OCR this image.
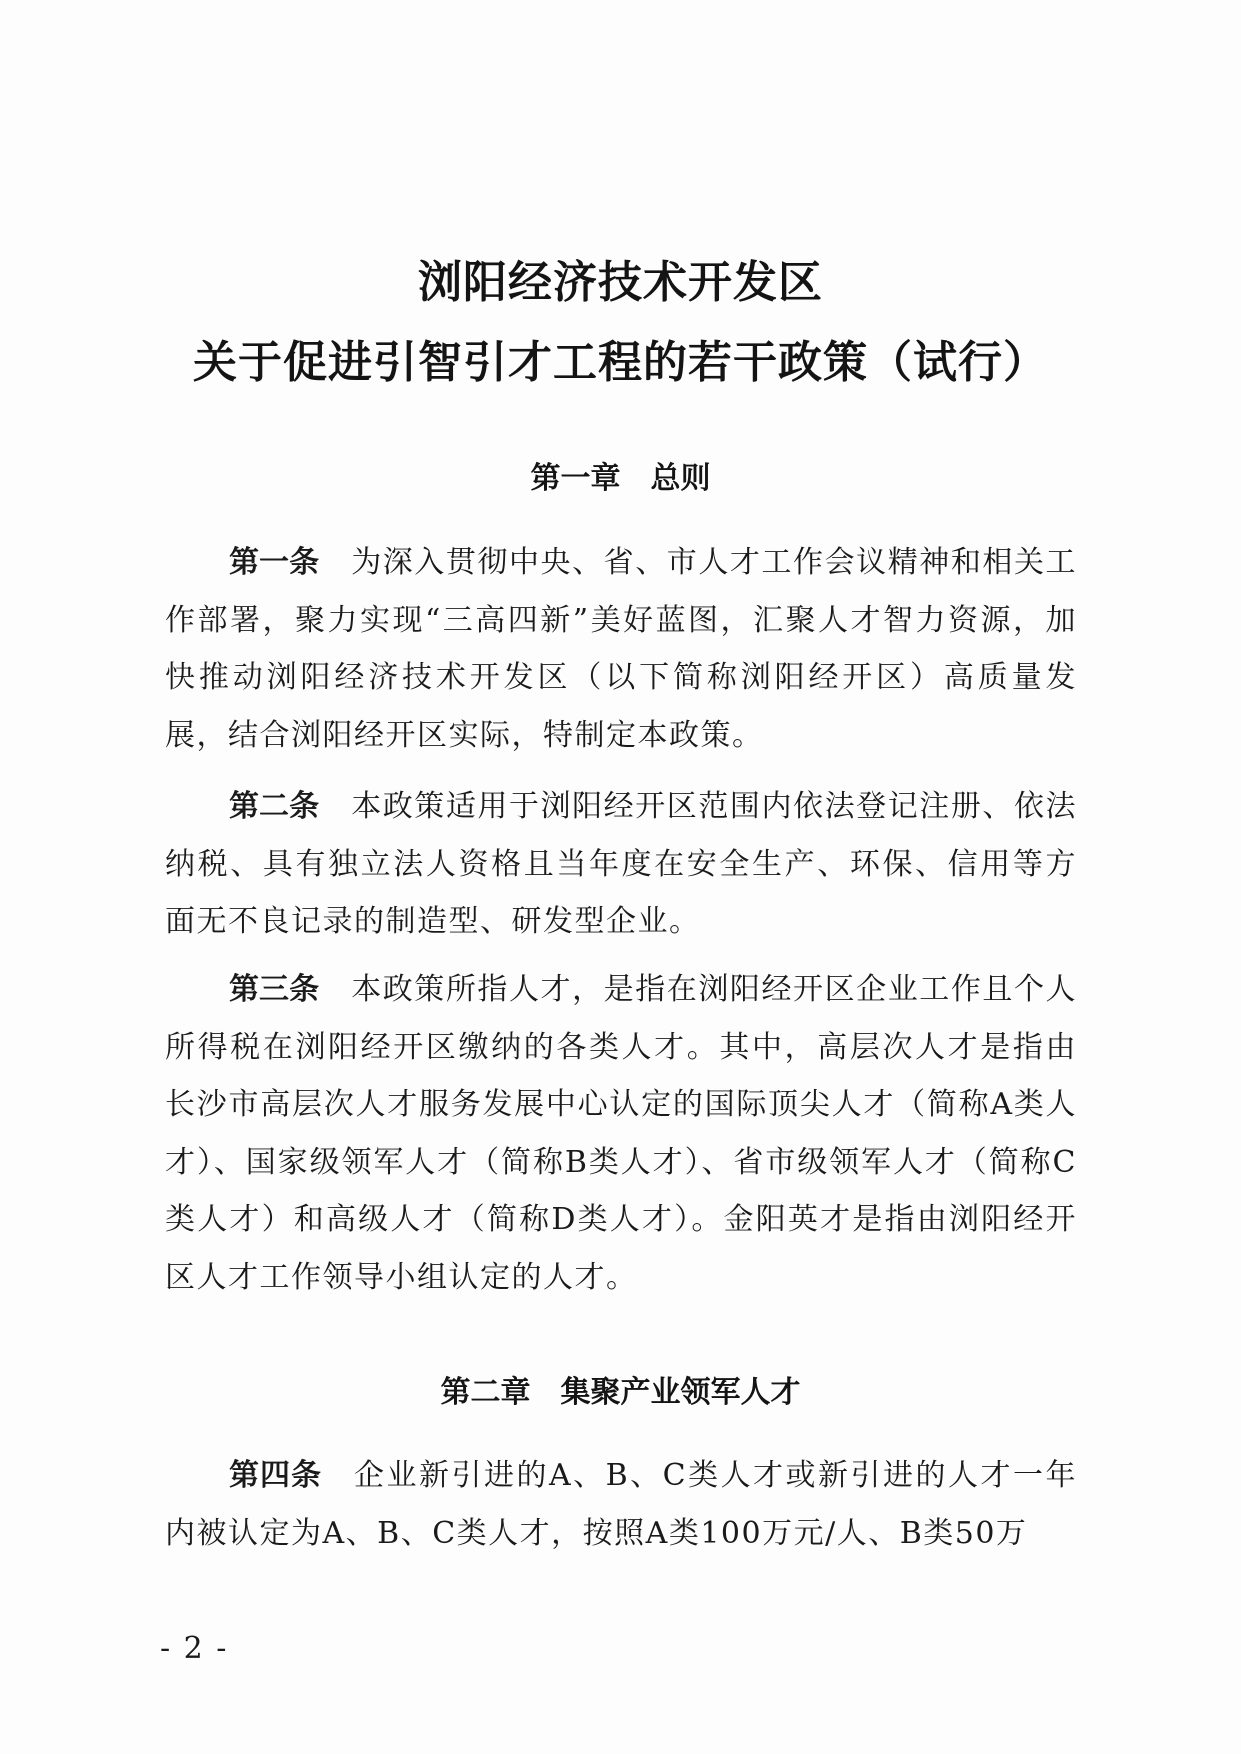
浏阳经济技术开发区
关于促进引智引才工程的若干政策（试行）
第一章 总则
第一条 为深入贯彻中央、省、市人才工作会议精神和相关工作部署，聚力实现“三高四新”美好蓝图，汇聚人才智力资源，加快推动浏阳经济技术开发区（以下简称浏阳经开区）高质量发展，结合浏阳经开区实际，特制定本政策。
第二条 本政策适用于浏阳经开区范围内依法登记注册、依法纳税、具有独立法人资格且当年度在安全生产、环保、信用等方面无不良记录的制造型、研发型企业。
第三条 本政策所指人才，是指在浏阳经开区企业工作且个人所得税在浏阳经开区缴纳的各类人才。其中，高层次人才是指由长沙市高层次人才服务发展中心认定的国际顶尖人才（简称A类人才）、国家级领军人才（简称B类人才）、省市级领军人才（简称C类人才）和高级人才（简称D类人才）。金阳英才是指由浏阳经开区人才工作领导小组认定的人才。
第二章 集聚产业领军人才
第四条 企业新引进的A、B、C类人才或新引进的人才一年内被认定为A、B、C类人才，按照A类100万元/人、B类50万
- 2 -
